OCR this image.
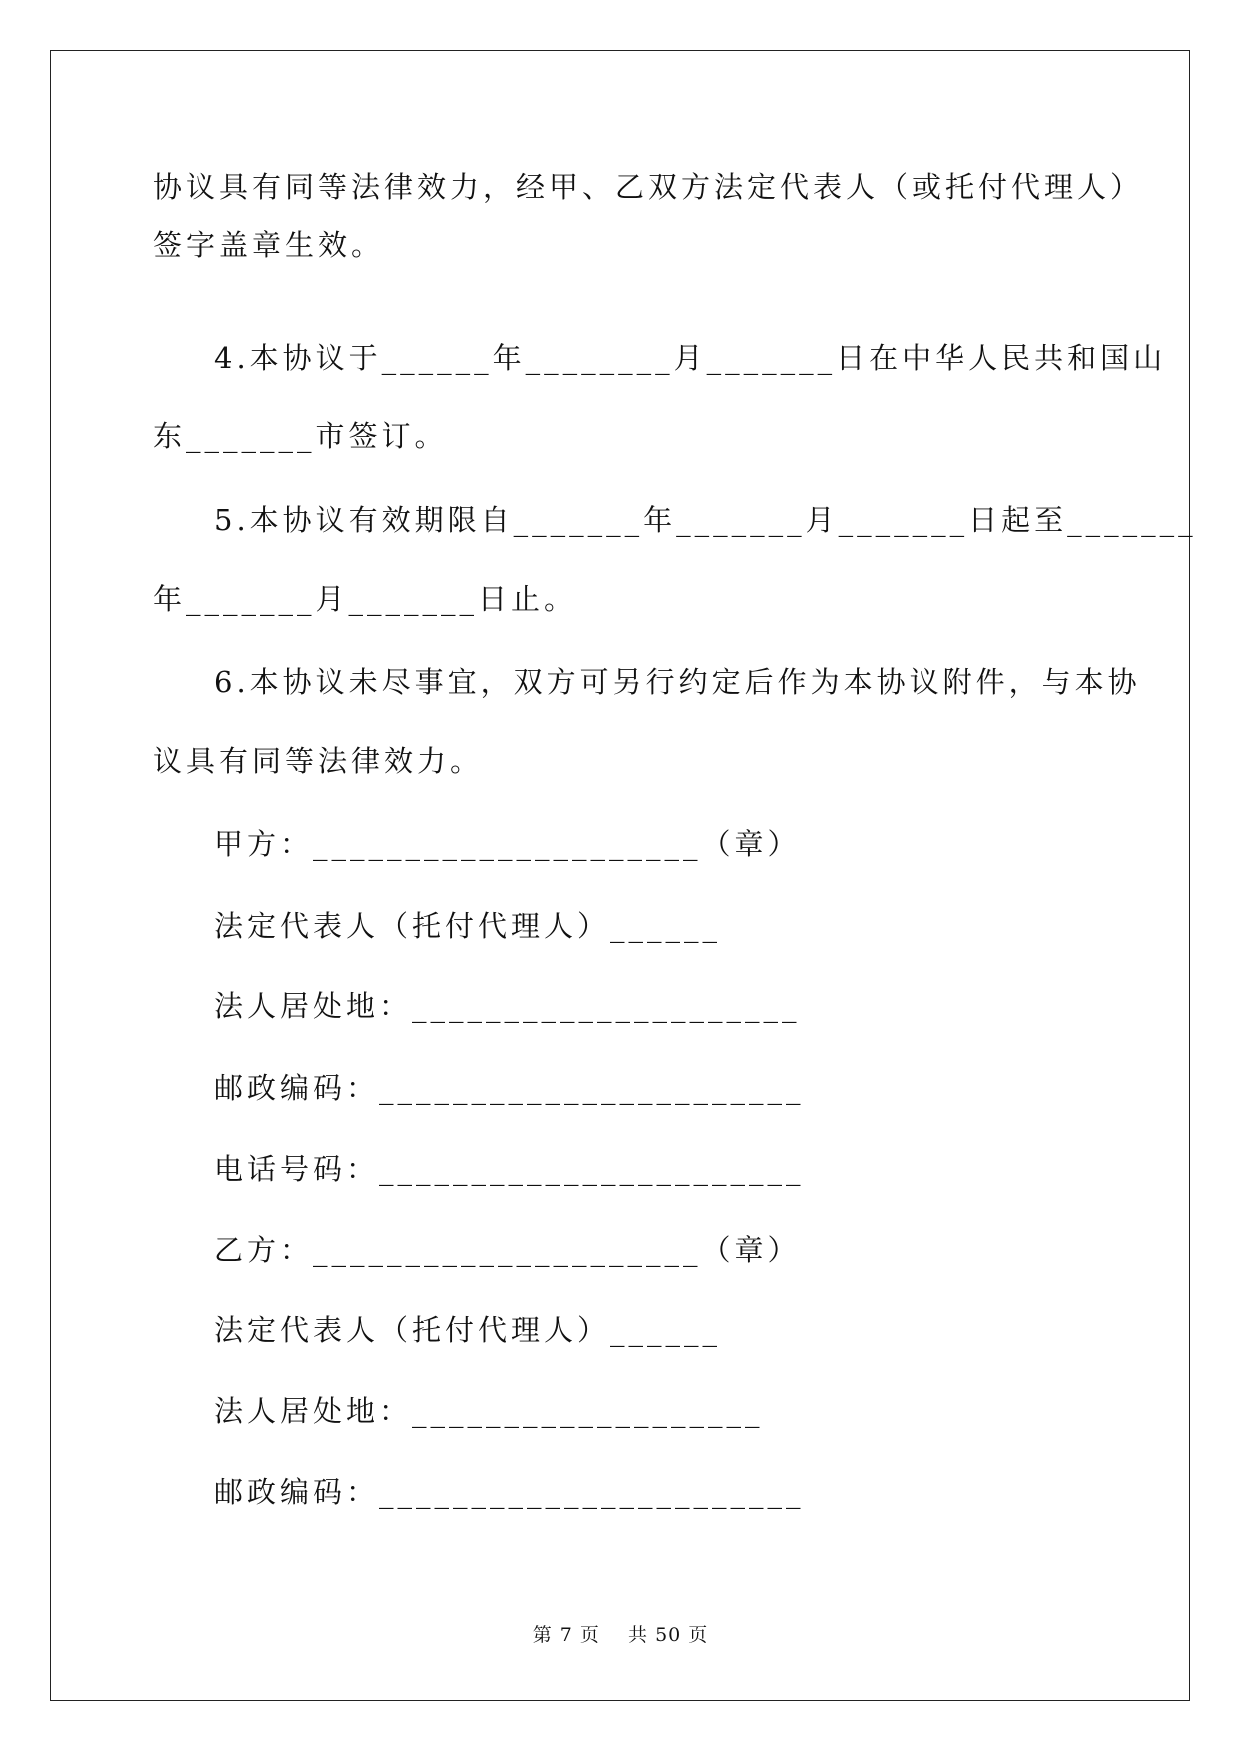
协议具有同等法律效力，经甲、乙双方法定代表人（或托付代理人）

签字盖章生效。

4.本协议于______年________月_______日在中华人民共和国山

东_______市签订。

5.本协议有效期限自_______年_______月_______日起至_______

年_______月_______日止。

6.本协议未尽事宜，双方可另行约定后作为本协议附件，与本协

议具有同等法律效力。

甲方：_____________________（章）

法定代表人（托付代理人）______

法人居处地：_____________________

邮政编码：_______________________

电话号码：_______________________

乙方：_____________________（章）

法定代表人（托付代理人）______

法人居处地：___________________

邮政编码：_______________________

第 7 页    共 50 页
